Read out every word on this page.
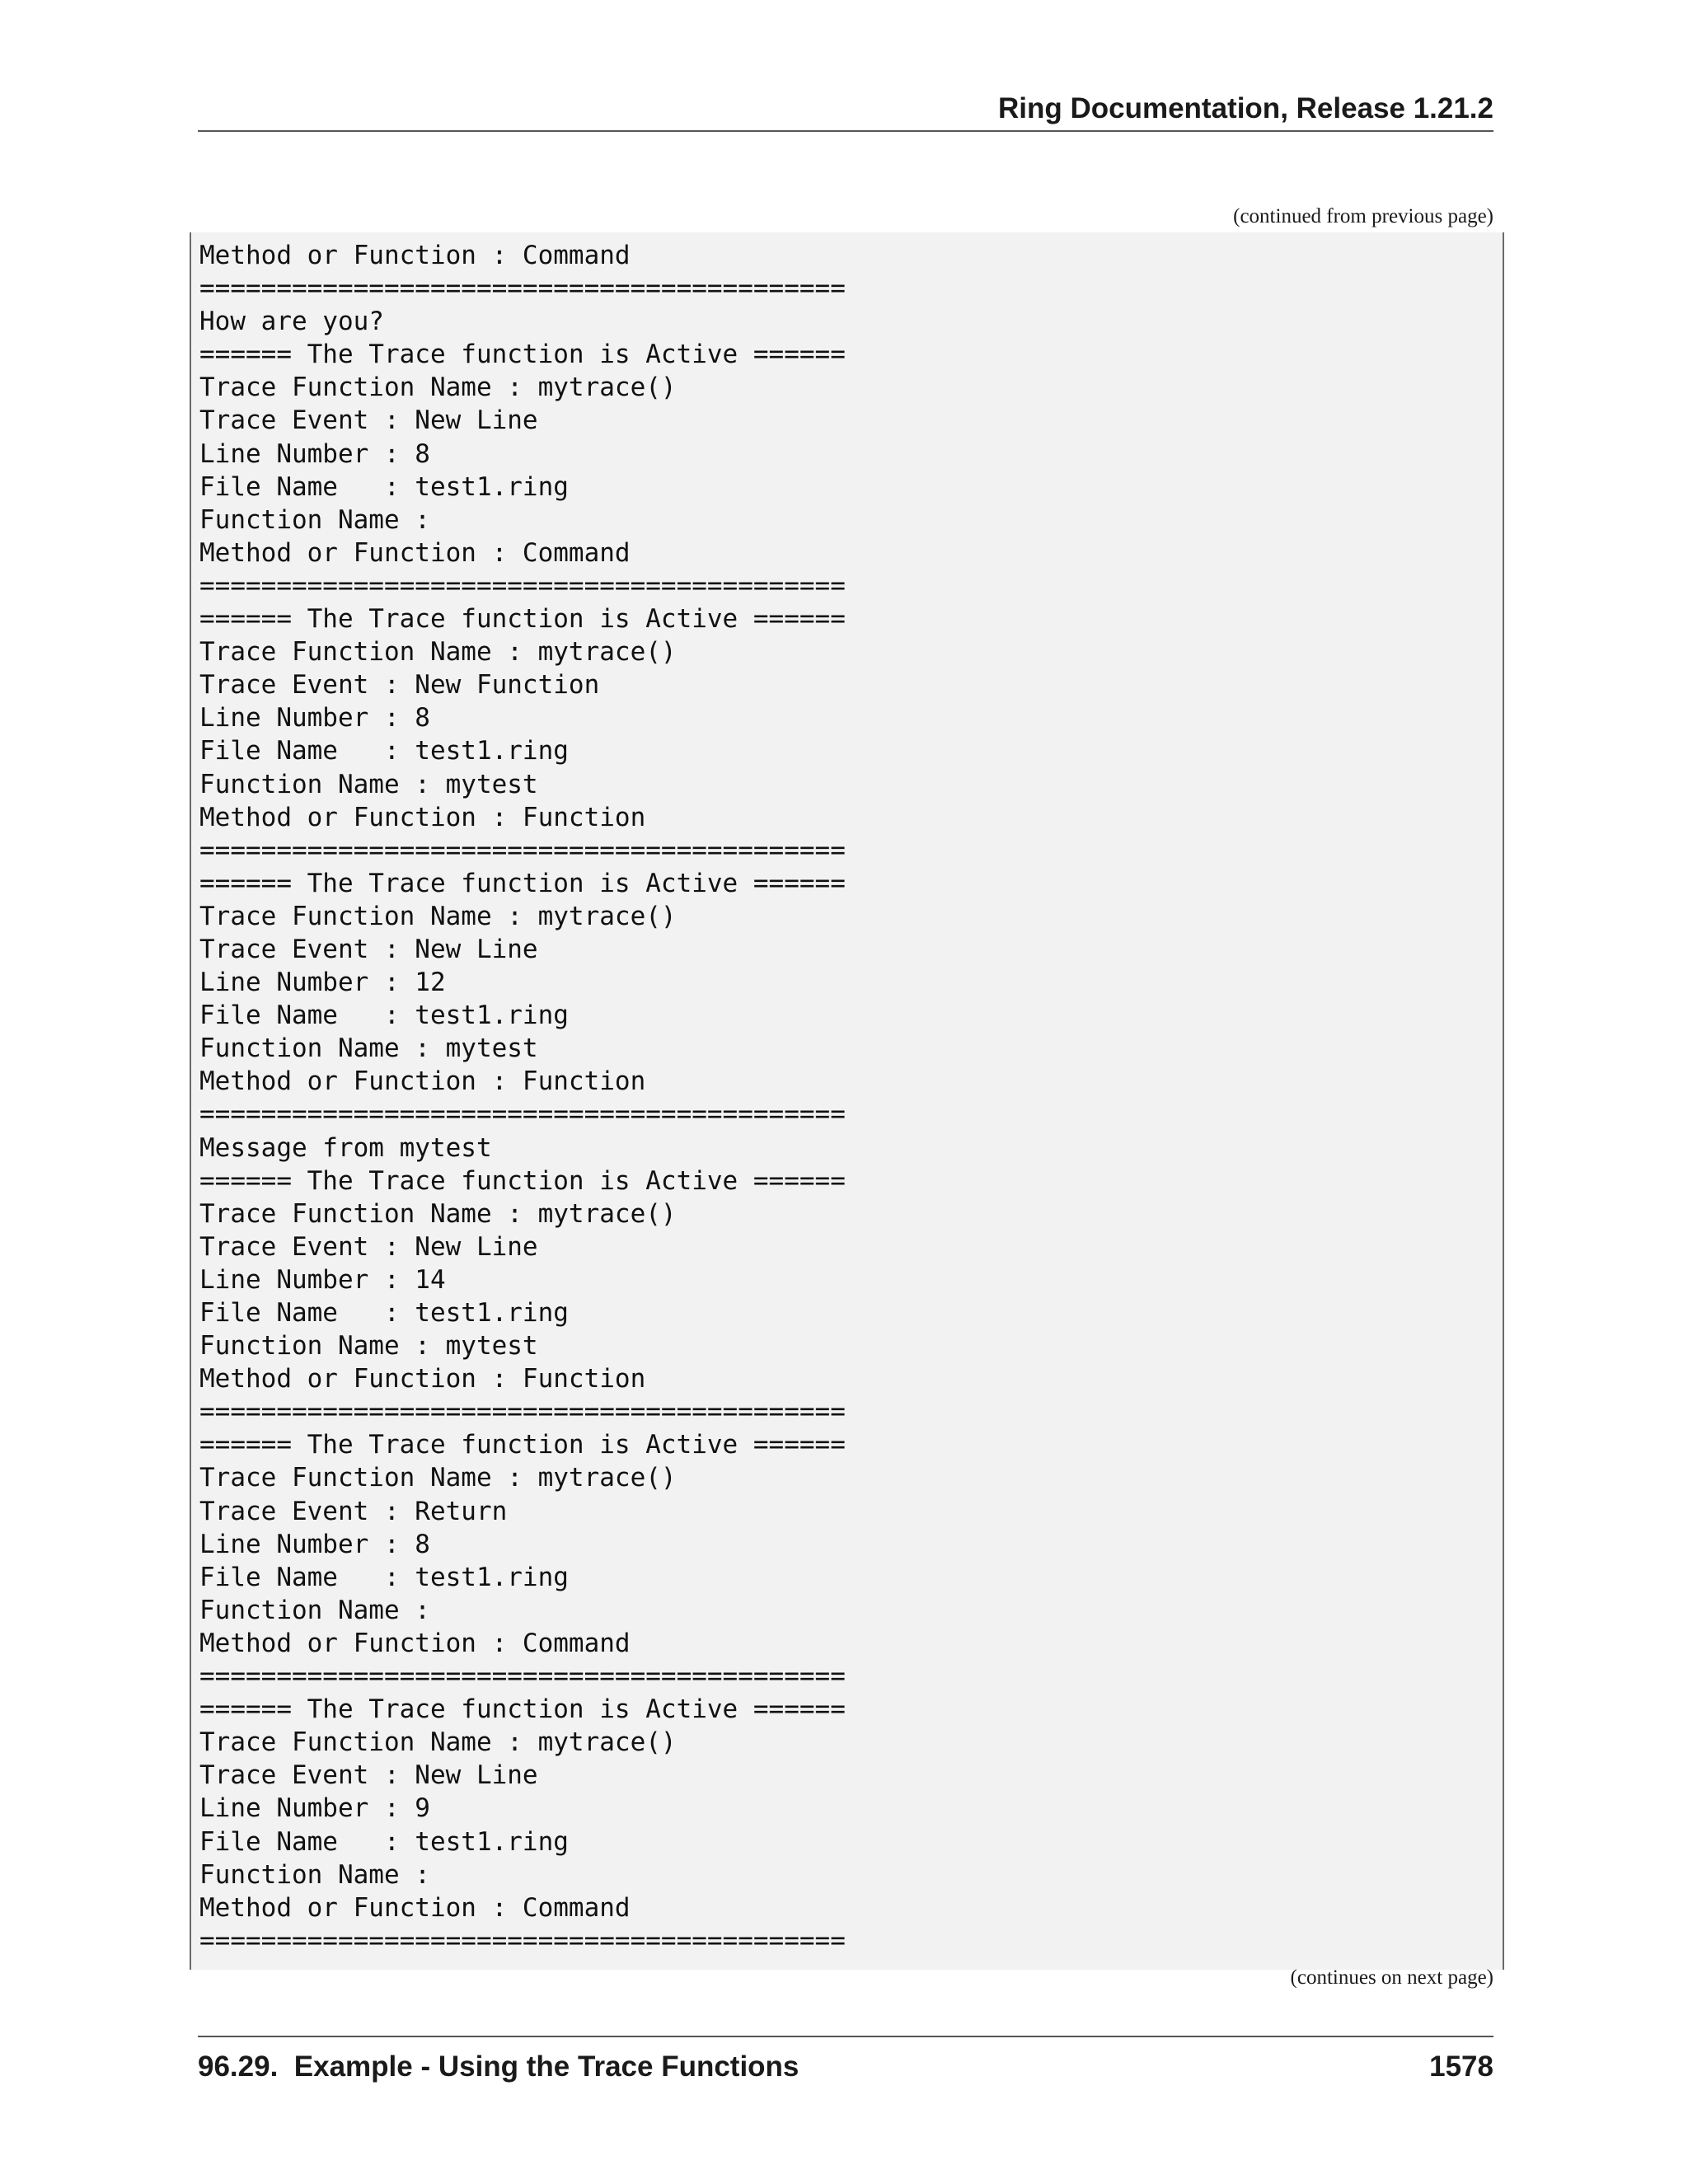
Ring Documentation, Release 1.21.2
(continued from previous page)
Method or Function : Command
==========================================
How are you?
====== The Trace function is Active ======
Trace Function Name : mytrace()
Trace Event : New Line
Line Number : 8
File Name   : test1.ring
Function Name :
Method or Function : Command
==========================================
====== The Trace function is Active ======
Trace Function Name : mytrace()
Trace Event : New Function
Line Number : 8
File Name   : test1.ring
Function Name : mytest
Method or Function : Function
==========================================
====== The Trace function is Active ======
Trace Function Name : mytrace()
Trace Event : New Line
Line Number : 12
File Name   : test1.ring
Function Name : mytest
Method or Function : Function
==========================================
Message from mytest
====== The Trace function is Active ======
Trace Function Name : mytrace()
Trace Event : New Line
Line Number : 14
File Name   : test1.ring
Function Name : mytest
Method or Function : Function
==========================================
====== The Trace function is Active ======
Trace Function Name : mytrace()
Trace Event : Return
Line Number : 8
File Name   : test1.ring
Function Name :
Method or Function : Command
==========================================
====== The Trace function is Active ======
Trace Function Name : mytrace()
Trace Event : New Line
Line Number : 9
File Name   : test1.ring
Function Name :
Method or Function : Command
==========================================
(continues on next page)
96.29.  Example - Using the Trace Functions	1578
